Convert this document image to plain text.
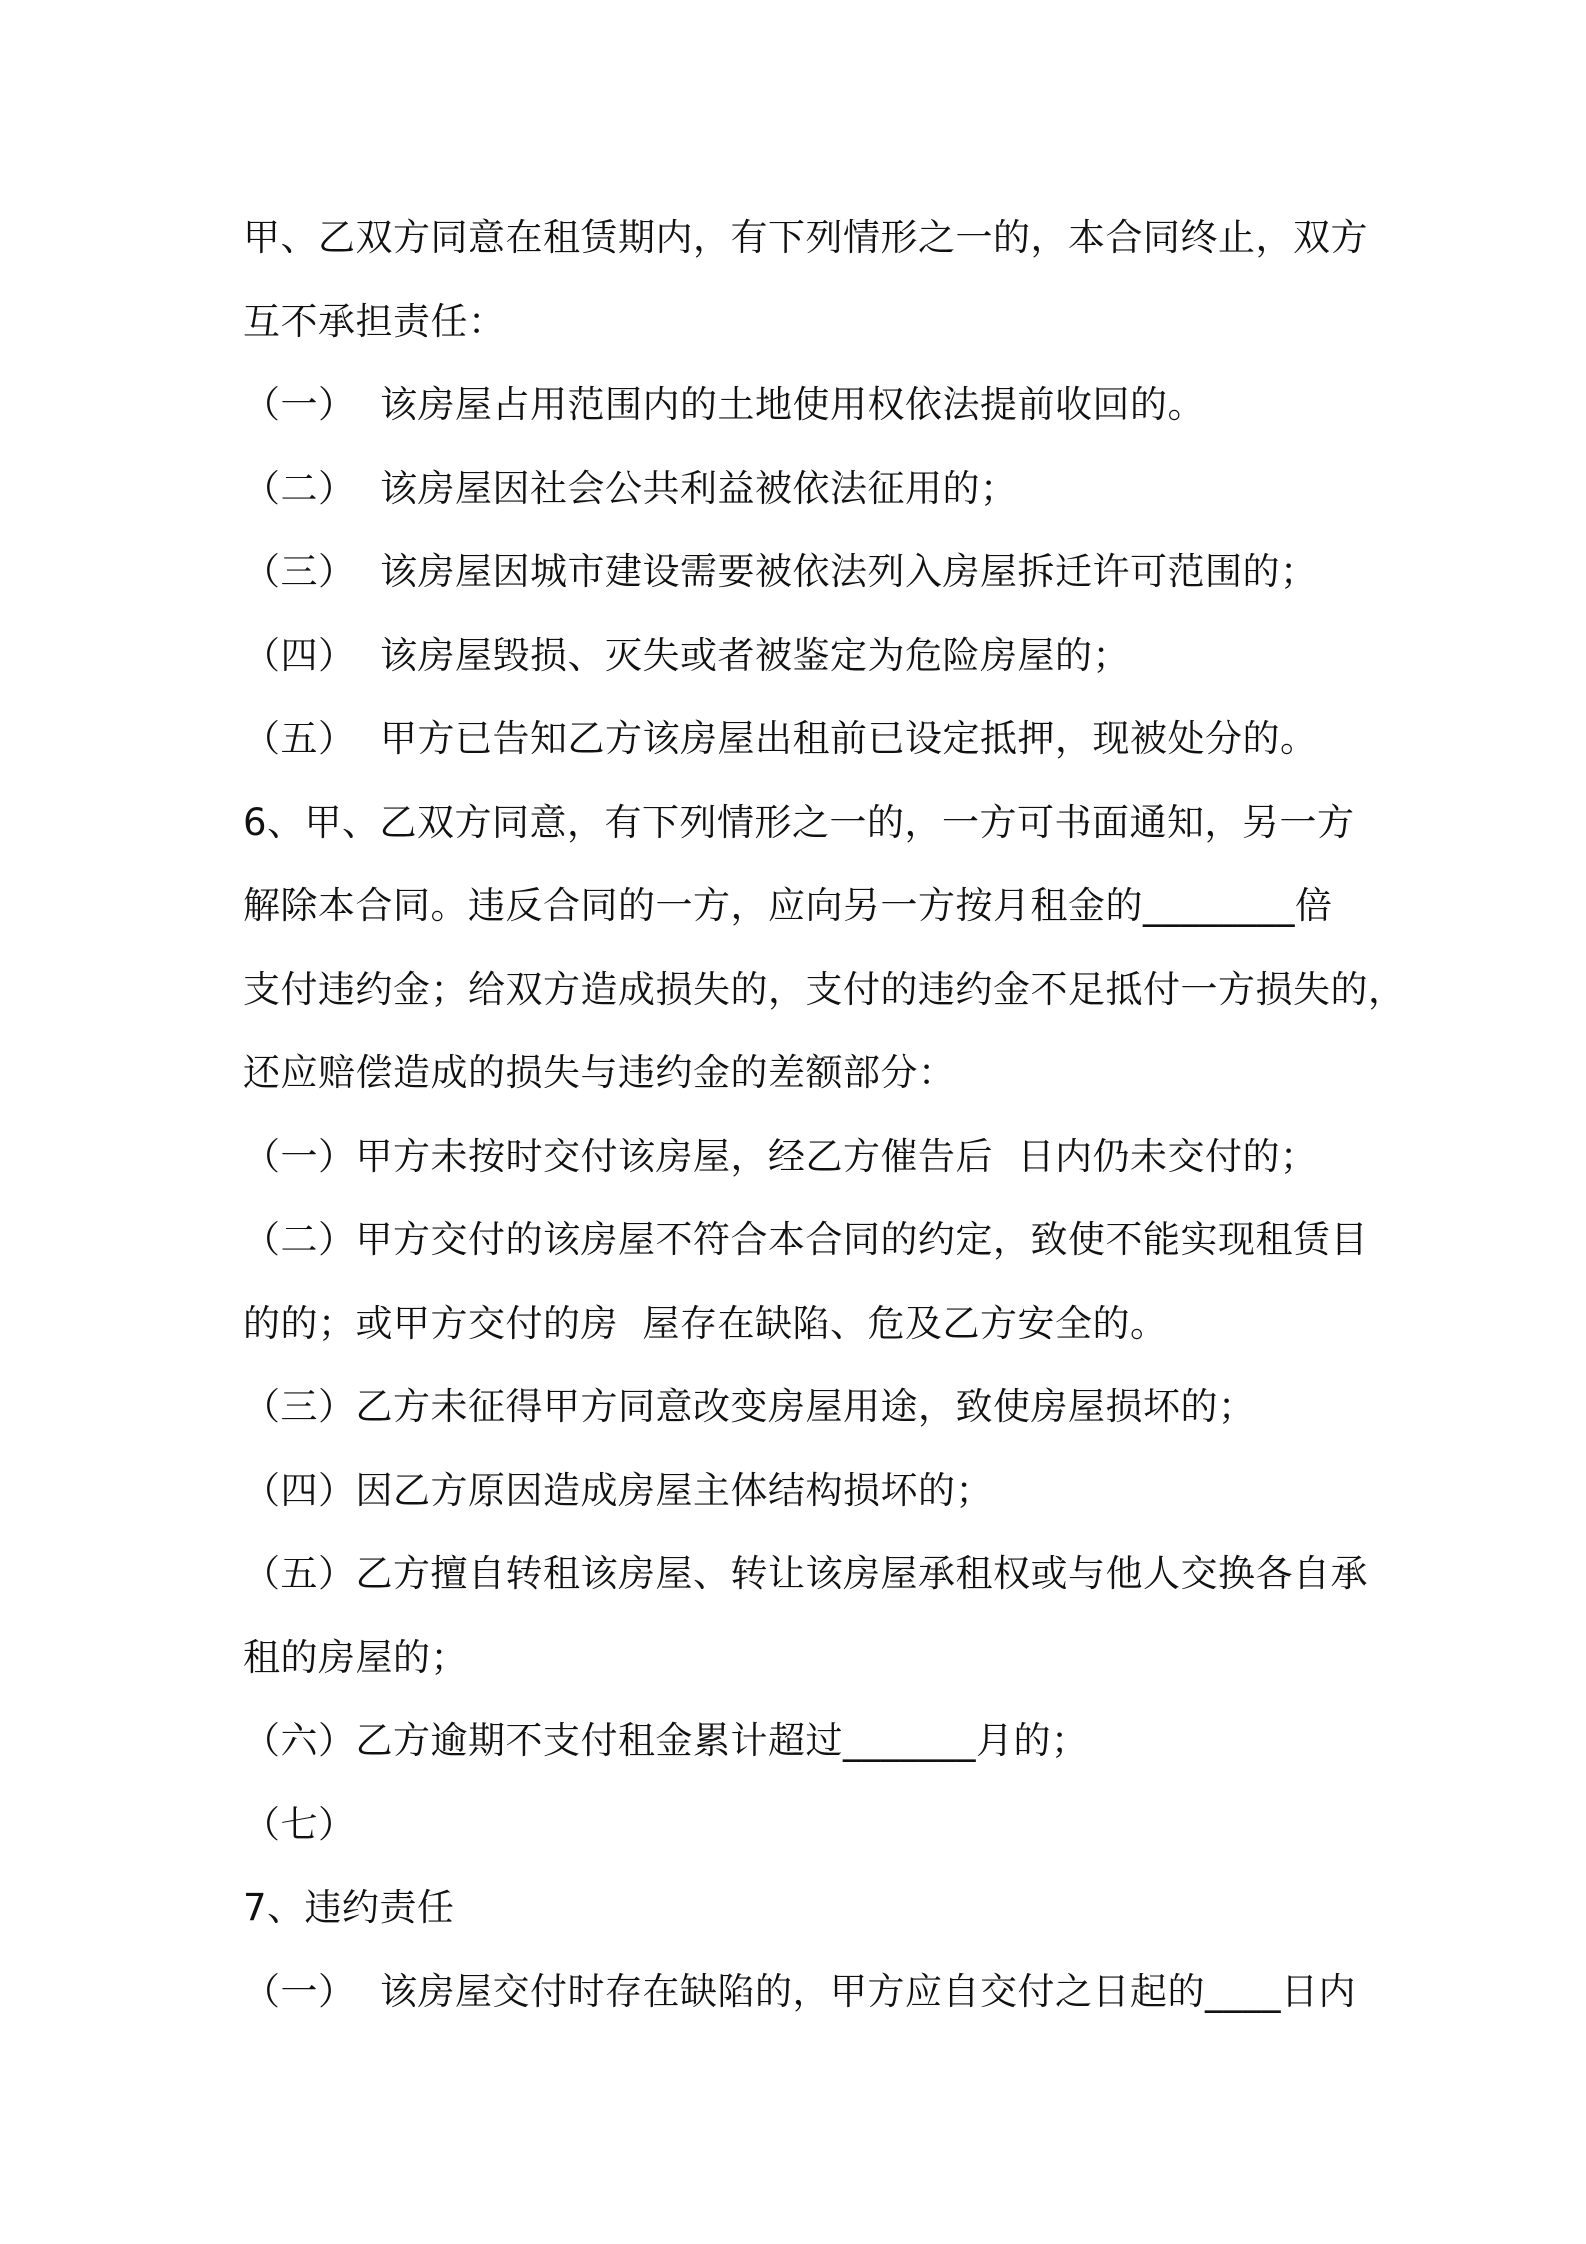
甲、乙双方同意在租赁期内，有下列情形之一的，本合同终止，双方
互不承担责任：
（一）  该房屋占用范围内的土地使用权依法提前收回的。
（二）  该房屋因社会公共利益被依法征用的；
（三）  该房屋因城市建设需要被依法列入房屋拆迁许可范围的；
（四）  该房屋毁损、灭失或者被鉴定为危险房屋的；
（五）  甲方已告知乙方该房屋出租前已设定抵押，现被处分的。
6、甲、乙双方同意，有下列情形之一的，一方可书面通知，另一方
解除本合同。违反合同的一方，应向另一方按月租金的________倍
支付违约金；给双方造成损失的，支付的违约金不足抵付一方损失的，
还应赔偿造成的损失与违约金的差额部分：
（一）甲方未按时交付该房屋，经乙方催告后  日内仍未交付的；
（二）甲方交付的该房屋不符合本合同的约定，致使不能实现租赁目
的的；或甲方交付的房  屋存在缺陷、危及乙方安全的。
（三）乙方未征得甲方同意改变房屋用途，致使房屋损坏的；
（四）因乙方原因造成房屋主体结构损坏的；
（五）乙方擅自转租该房屋、转让该房屋承租权或与他人交换各自承
租的房屋的；
（六）乙方逾期不支付租金累计超过_______月的；
（七）
7、违约责任
（一）  该房屋交付时存在缺陷的，甲方应自交付之日起的____日内
